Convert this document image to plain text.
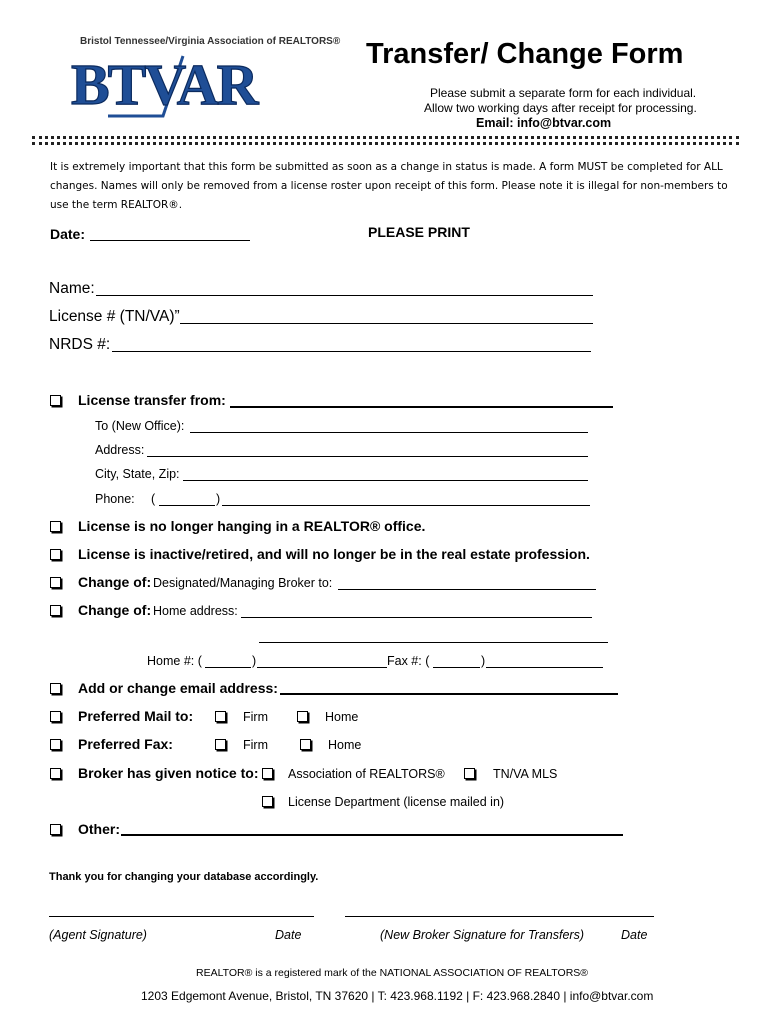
Bristol Tennessee/Virginia Association of REALTORS®
BTVAR	Transfer/ Change Form
Please submit a separate form for each individual.
Allow two working days after receipt for processing.
Email: info@btvar.com
It is extremely important that this form be submitted as soon as a change in status is made. A form MUST be completed for ALL
changes. Names will only be removed from a license roster upon receipt of this form. Please note it is illegal for non-members to
use the term REALTOR®.
Date:	PLEASE PRINT
Name:
License # (TN/VA)”
NRDS #:
License transfer from:
To (New Office):
Address:
City, State, Zip:
Phone: (	)
License is no longer hanging in a REALTOR® office.
License is inactive/retired, and will no longer be in the real estate profession.
Change of: Designated/Managing Broker to:
Change of: Home address:
Home #: (	)	Fax #: (	)
Add or change email address:
Preferred Mail to:	Firm	Home
Preferred Fax:	Firm	Home
Broker has given notice to: Association of REALTORS®	TN/VA MLS
License Department (license mailed in)
Other:
Thank you for changing your database accordingly.
(Agent Signature)	Date	(New Broker Signature for Transfers)	Date
REALTOR® is a registered mark of the NATIONAL ASSOCIATION OF REALTORS®
1203 Edgemont Avenue, Bristol, TN 37620 | T: 423.968.1192 | F: 423.968.2840 | info@btvar.com
